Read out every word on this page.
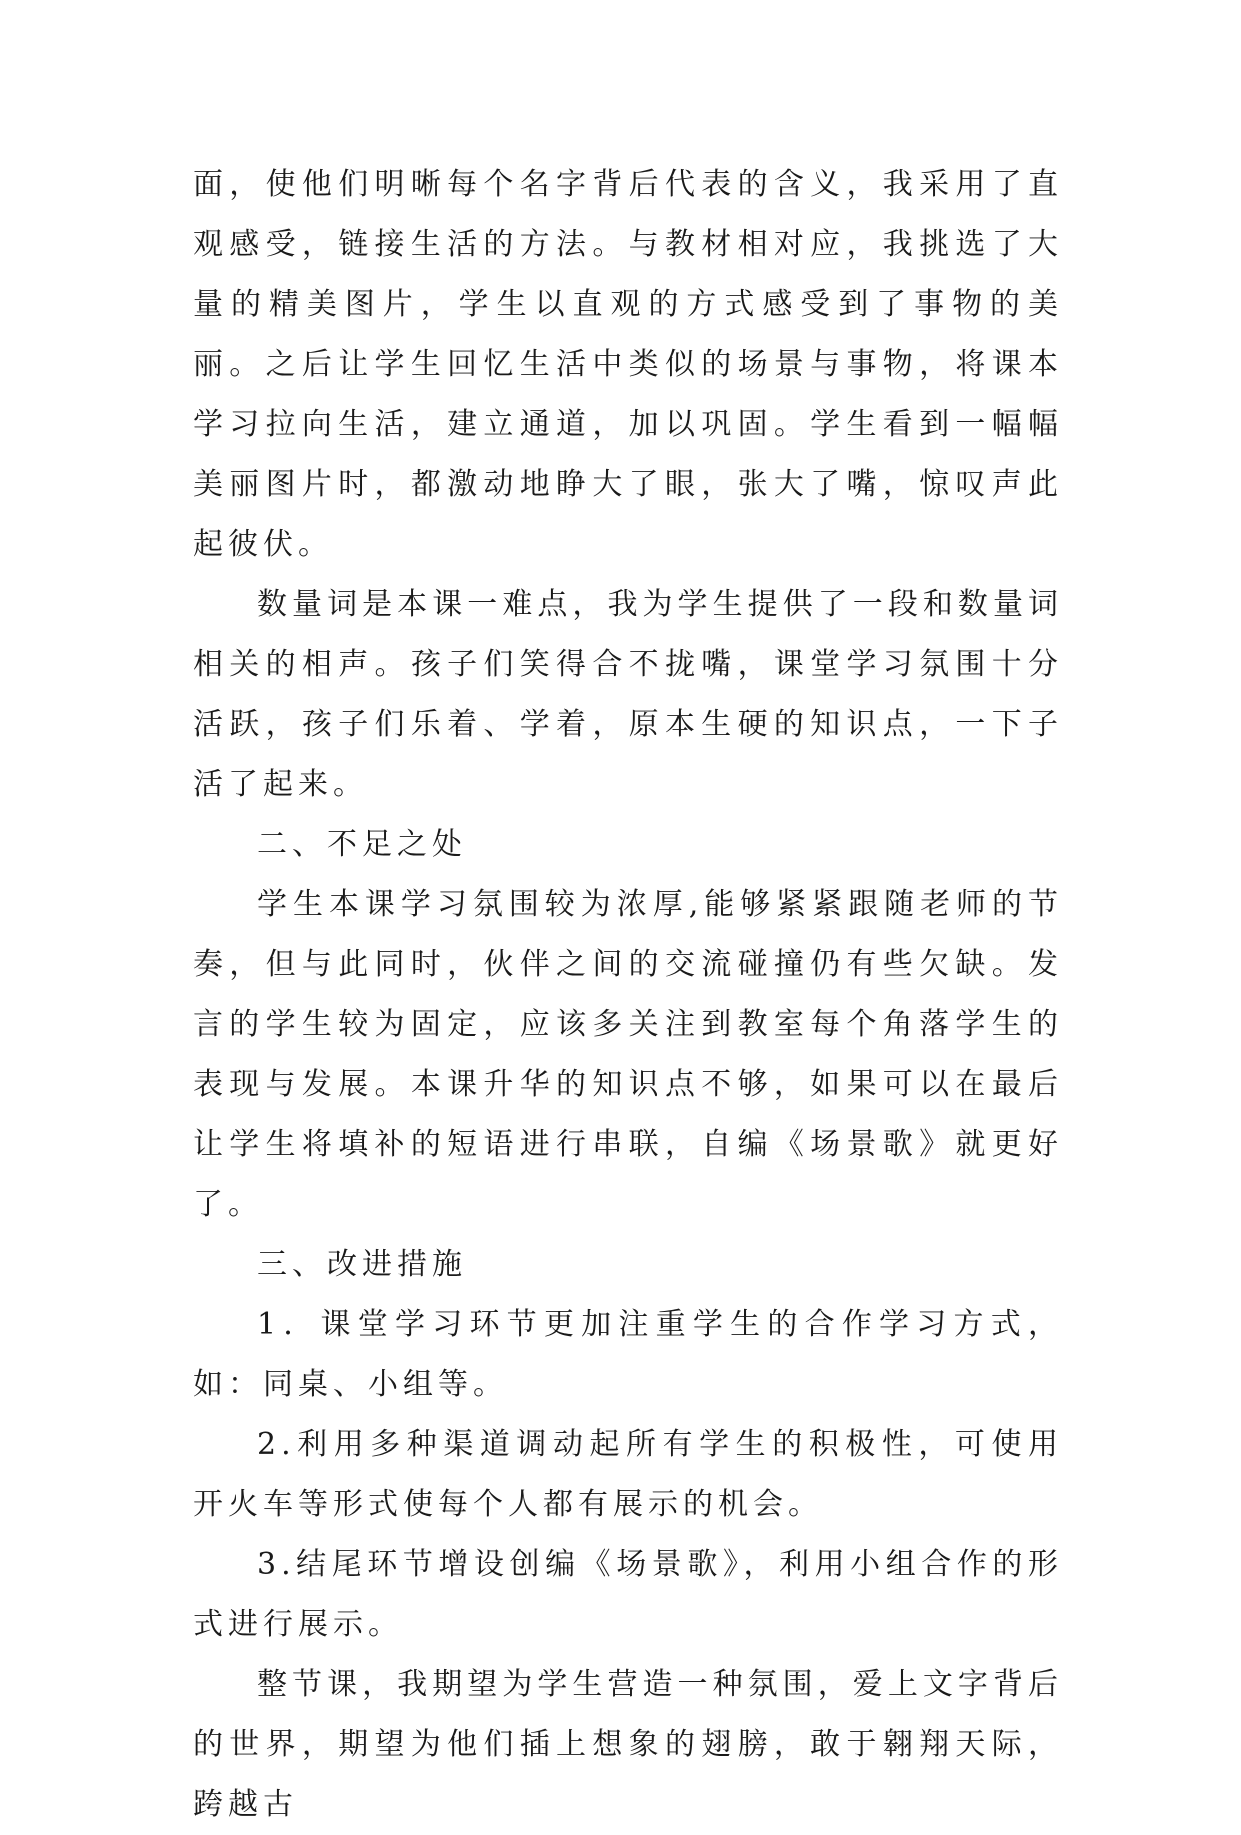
面，使他们明晰每个名字背后代表的含义，我采用了直观感受，链接生活的方法。与教材相对应，我挑选了大量的精美图片，学生以直观的方式感受到了事物的美丽。之后让学生回忆生活中类似的场景与事物，将课本学习拉向生活，建立通道，加以巩固。学生看到一幅幅美丽图片时，都激动地睁大了眼，张大了嘴，惊叹声此起彼伏。

数量词是本课一难点，我为学生提供了一段和数量词相关的相声。孩子们笑得合不拢嘴，课堂学习氛围十分活跃，孩子们乐着、学着，原本生硬的知识点，一下子活了起来。

二、不足之处

学生本课学习氛围较为浓厚,能够紧紧跟随老师的节奏，但与此同时，伙伴之间的交流碰撞仍有些欠缺。发言的学生较为固定，应该多关注到教室每个角落学生的表现与发展。本课升华的知识点不够，如果可以在最后让学生将填补的短语进行串联，自编《场景歌》就更好了。

三、改进措施

1．课堂学习环节更加注重学生的合作学习方式，如：同桌、小组等。

2.利用多种渠道调动起所有学生的积极性，可使用开火车等形式使每个人都有展示的机会。

3.结尾环节增设创编《场景歌》，利用小组合作的形式进行展示。

整节课，我期望为学生营造一种氛围，爱上文字背后的世界，期望为他们插上想象的翅膀，敢于翱翔天际，跨越古
